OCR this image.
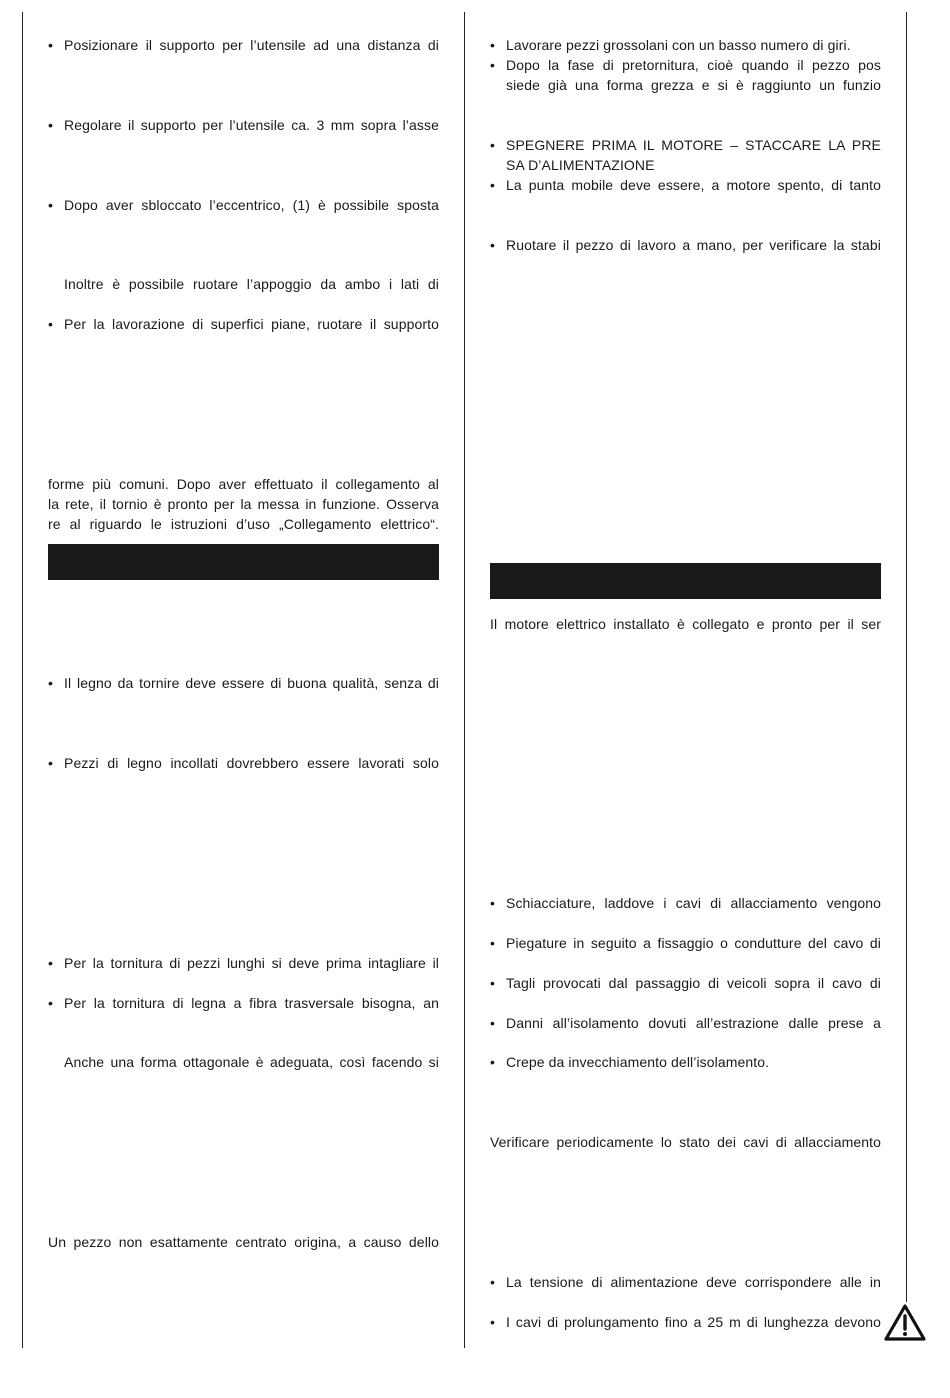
• Posizionare il supporto per l’utensile ad una distanza di
• Regolare il supporto per l’utensile ca. 3 mm sopra l’asse
• Dopo aver sbloccato l’eccentrico, (1) è possibile sposta
Inoltre è possibile ruotare l’appoggio da ambo i lati di
• Per la lavorazione di superfici piane, ruotare il supporto
forme più comuni. Dopo aver effettuato il collegamento al
la rete, il tornio è pronto per la messa in funzione. Osserva
re al riguardo le istruzioni d’uso „Collegamento elettrico“.
• Il legno da tornire deve essere di buona qualità, senza di
• Pezzi di legno incollati dovrebbero essere lavorati solo
• Per la tornitura di pezzi lunghi si deve prima intagliare il
• Per la tornitura di legna a fibra trasversale bisogna, an
Anche una forma ottagonale è adeguata, così facendo si
Un pezzo non esattamente centrato origina, a causo dello
• Lavorare pezzi grossolani con un basso numero di giri.
• Dopo la fase di pretornitura, cioè quando il pezzo pos
siede già una forma grezza e si è raggiunto un funzio
• SPEGNERE PRIMA IL MOTORE – STACCARE LA PRE
SA D’ALIMENTAZIONE
• La punta mobile deve essere, a motore spento, di tanto
• Ruotare il pezzo di lavoro a mano, per verificare la stabi
Il motore elettrico installato è collegato e pronto per il ser
• Schiacciature, laddove i cavi di allacciamento vengono
• Piegature in seguito a fissaggio o condutture del cavo di
• Tagli provocati dal passaggio di veicoli sopra il cavo di
• Danni all’isolamento dovuti all’estrazione dalle prese a
• Crepe da invecchiamento dell’isolamento.
Verificare periodicamente lo stato dei cavi di allacciamento
• La tensione di alimentazione deve corrispondere alle in
• I cavi di prolungamento fino a 25 m di lunghezza devono
